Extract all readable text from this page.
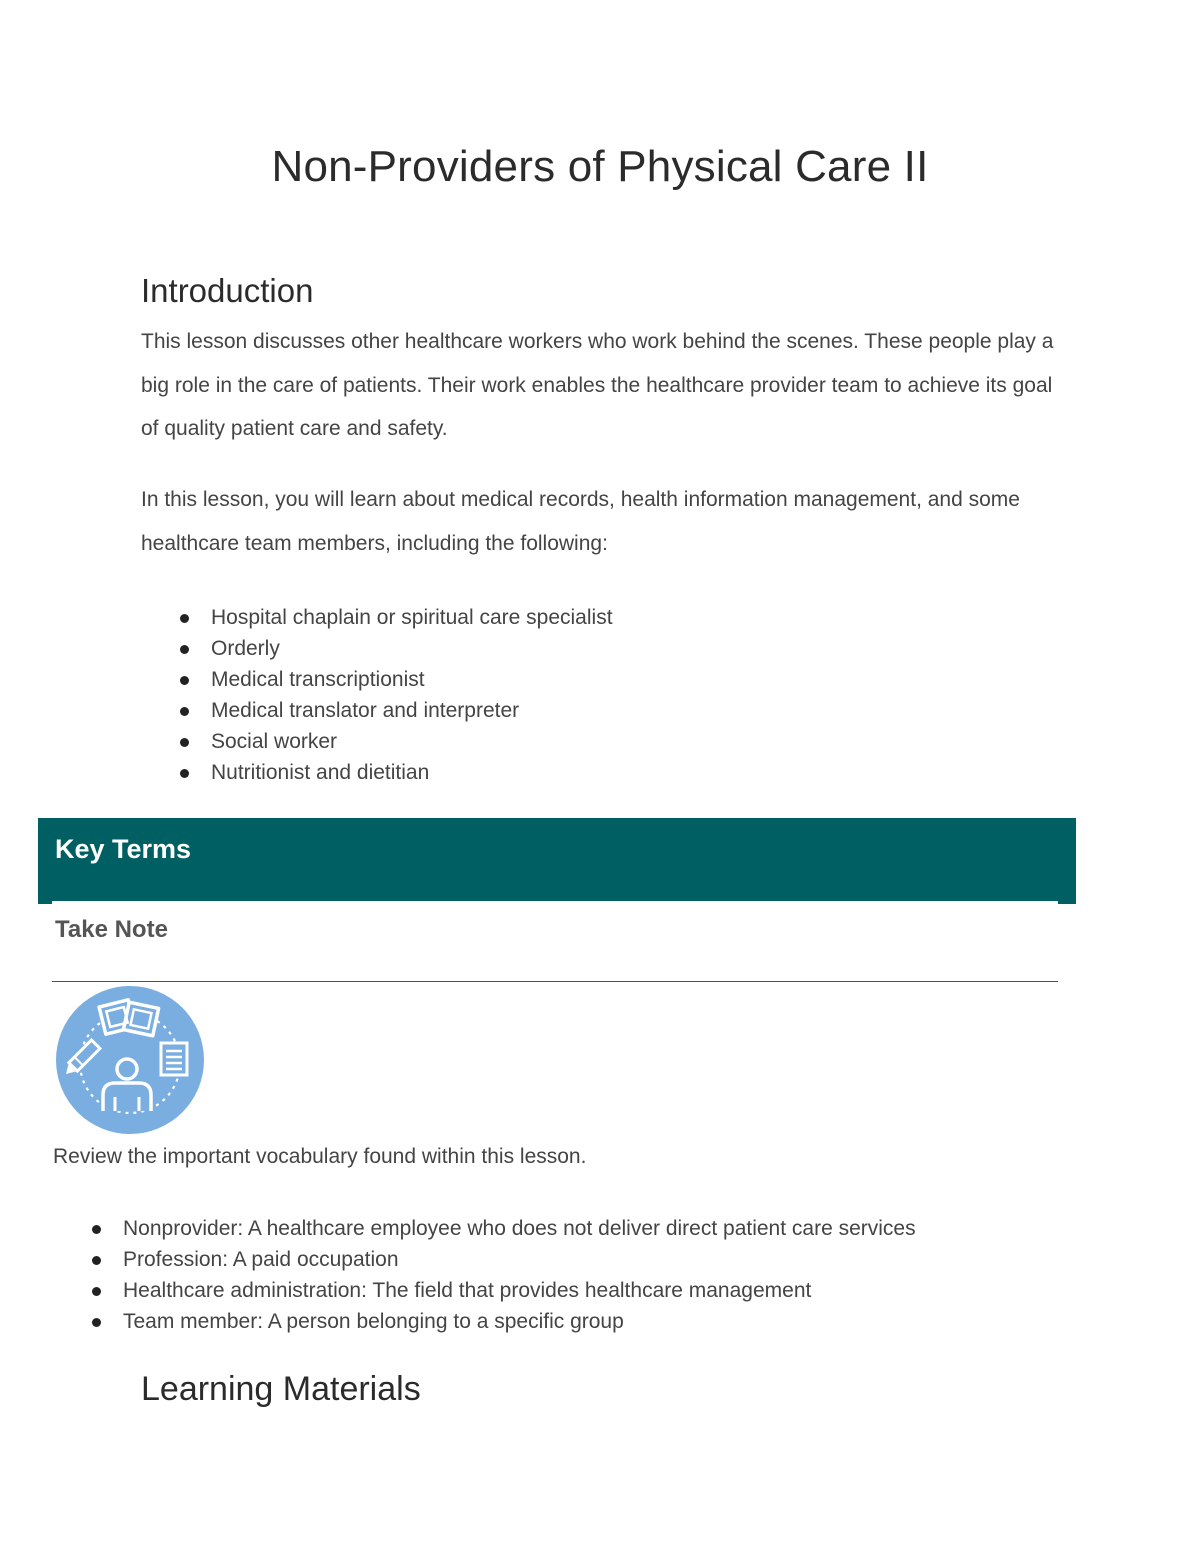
Non-Providers of Physical Care II
Introduction

This lesson discusses other healthcare workers who work behind the scenes. These people play a big role in the care of patients. Their work enables the healthcare provider team to achieve its goal of quality patient care and safety.

In this lesson, you will learn about medical records, health information management, and some healthcare team members, including the following:

Hospital chaplain or spiritual care specialist
Orderly
Medical transcriptionist
Medical translator and interpreter
Social worker
Nutritionist and dietitian
Key Terms
Take Note

Review the important vocabulary found within this lesson.

Nonprovider: A healthcare employee who does not deliver direct patient care services
Profession: A paid occupation
Healthcare administration: The field that provides healthcare management
Team member: A person belonging to a specific group
Learning Materials
